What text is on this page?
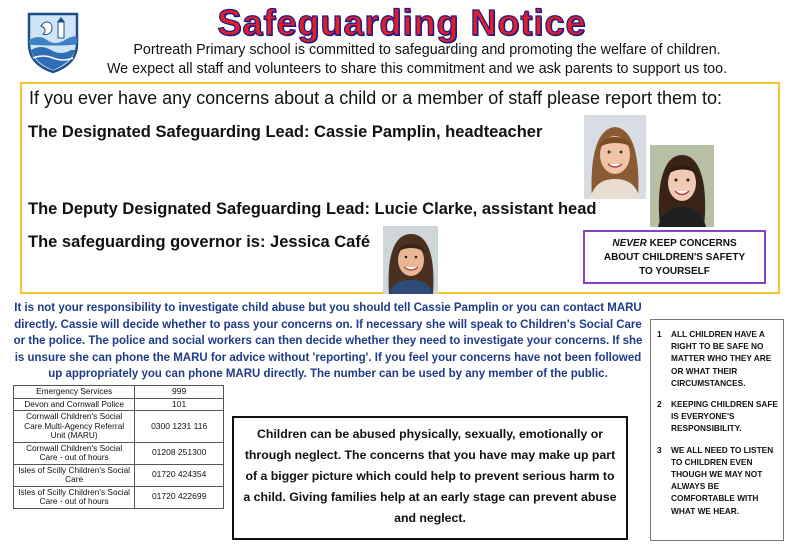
Safeguarding Notice
Portreath Primary school is committed to safeguarding and promoting the welfare of children.
We expect all staff and volunteers to share this commitment and we ask parents to support us too.
If you ever have any concerns about a child or a member of staff please report them to:
The Designated Safeguarding Lead: Cassie Pamplin, headteacher
The Deputy Designated Safeguarding Lead: Lucie Clarke, assistant head
The safeguarding governor is: Jessica Café	NEVER KEEP CONCERNS
ABOUT CHILDREN'S SAFETY
TO YOURSELF
It is not your responsibility to investigate child abuse but you should tell Cassie Pamplin or you can contact MARU directly. Cassie will decide whether to pass your concerns on. If necessary she will speak to Children's Social Care or the police. The police and social workers can then decide whether they need to investigate your concerns. If she is unsure she can phone the MARU for advice without 'reporting'. If you feel your concerns have not been followed up appropriately you can phone MARU directly. The number can be used by any member of the public.
Emergency Services	999
Devon and Cornwall Police	101
Cornwall Children's Social Care Multi-Agency Referral Unit (MARU)	0300 1231 116
Cornwall Children's Social Care - out of hours	01208 251300
Isles of Scilly Children's Social Care	01720 424354
Isles of Scilly Children's Social Care - out of hours	01720 422699
Children can be abused physically, sexually, emotionally or through neglect. The concerns that you have may make up part of a bigger picture which could help to prevent serious harm to a child. Giving families help at an early stage can prevent abuse and neglect.
1	ALL CHILDREN HAVE A RIGHT TO BE SAFE NO MATTER WHO THEY ARE OR WHAT THEIR CIRCUMSTANCES.
2	KEEPING CHILDREN SAFE IS EVERYONE'S RESPONSIBILITY.
3	WE ALL NEED TO LISTEN TO CHILDREN EVEN THOUGH WE MAY NOT ALWAYS BE COMFORTABLE WITH WHAT WE HEAR.
